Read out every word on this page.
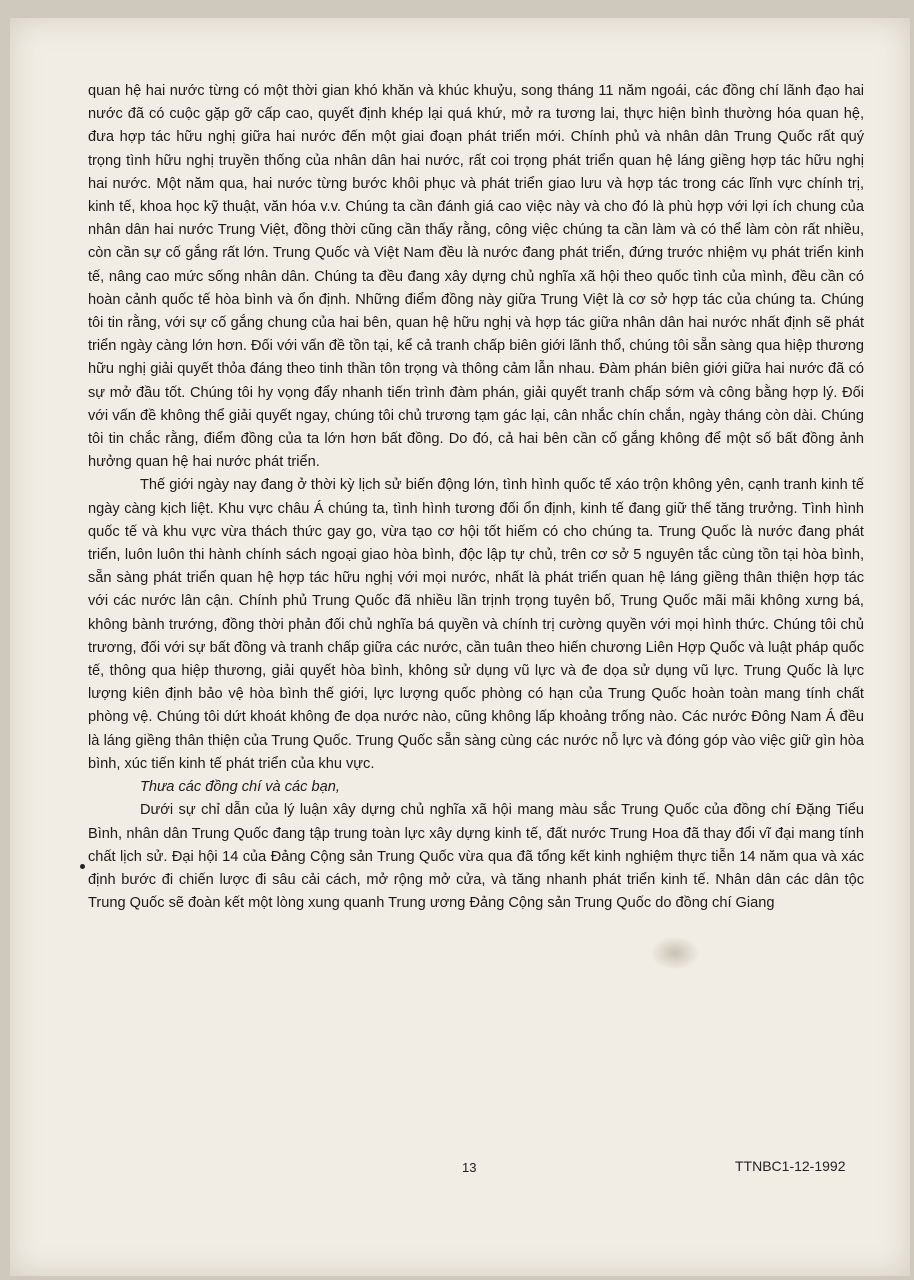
quan hệ hai nước từng có một thời gian khó khăn và khúc khuỷu, song tháng 11 năm ngoái, các đồng chí lãnh đạo hai nước đã có cuộc gặp gỡ cấp cao, quyết định khép lại quá khứ, mở ra tương lai, thực hiện bình thường hóa quan hệ, đưa hợp tác hữu nghị giữa hai nước đến một giai đoạn phát triển mới. Chính phủ và nhân dân Trung Quốc rất quý trọng tình hữu nghị truyền thống của nhân dân hai nước, rất coi trọng phát triển quan hệ láng giềng hợp tác hữu nghị hai nước. Một năm qua, hai nước từng bước khôi phục và phát triển giao lưu và hợp tác trong các lĩnh vực chính trị, kinh tế, khoa học kỹ thuật, văn hóa v.v. Chúng ta cần đánh giá cao việc này và cho đó là phù hợp với lợi ích chung của nhân dân hai nước Trung Việt, đồng thời cũng cần thấy rằng, công việc chúng ta cần làm và có thể làm còn rất nhiều, còn cần sự cố gắng rất lớn. Trung Quốc và Việt Nam đều là nước đang phát triển, đứng trước nhiệm vụ phát triển kinh tế, nâng cao mức sống nhân dân. Chúng ta đều đang xây dựng chủ nghĩa xã hội theo quốc tình của mình, đều cần có hoàn cảnh quốc tế hòa bình và ổn định. Những điểm đồng này giữa Trung Việt là cơ sở hợp tác của chúng ta. Chúng tôi tin rằng, với sự cố gắng chung của hai bên, quan hệ hữu nghị và hợp tác giữa nhân dân hai nước nhất định sẽ phát triển ngày càng lớn hơn. Đối với vấn đề tồn tại, kể cả tranh chấp biên giới lãnh thổ, chúng tôi sẵn sàng qua hiệp thương hữu nghị giải quyết thỏa đáng theo tinh thần tôn trọng và thông cảm lẫn nhau. Đàm phán biên giới giữa hai nước đã có sự mở đầu tốt. Chúng tôi hy vọng đẩy nhanh tiến trình đàm phán, giải quyết tranh chấp sớm và công bằng hợp lý. Đối với vấn đề không thể giải quyết ngay, chúng tôi chủ trương tạm gác lại, cân nhắc chín chắn, ngày tháng còn dài. Chúng tôi tin chắc rằng, điểm đồng của ta lớn hơn bất đồng. Do đó, cả hai bên cần cố gắng không để một số bất đồng ảnh hưởng quan hệ hai nước phát triển.

Thế giới ngày nay đang ở thời kỳ lịch sử biến động lớn, tình hình quốc tế xáo trộn không yên, cạnh tranh kinh tế ngày càng kịch liệt. Khu vực châu Á chúng ta, tình hình tương đối ổn định, kinh tế đang giữ thế tăng trưởng. Tình hình quốc tế và khu vực vừa thách thức gay go, vừa tạo cơ hội tốt hiếm có cho chúng ta. Trung Quốc là nước đang phát triển, luôn luôn thi hành chính sách ngoại giao hòa bình, độc lập tự chủ, trên cơ sở 5 nguyên tắc cùng tồn tại hòa bình, sẵn sàng phát triển quan hệ hợp tác hữu nghị với mọi nước, nhất là phát triển quan hệ láng giềng thân thiện hợp tác với các nước lân cận. Chính phủ Trung Quốc đã nhiều lần trịnh trọng tuyên bố, Trung Quốc mãi mãi không xưng bá, không bành trướng, đồng thời phản đối chủ nghĩa bá quyền và chính trị cường quyền với mọi hình thức. Chúng tôi chủ trương, đối với sự bất đồng và tranh chấp giữa các nước, cần tuân theo hiến chương Liên Hợp Quốc và luật pháp quốc tế, thông qua hiệp thương, giải quyết hòa bình, không sử dụng vũ lực và đe dọa sử dụng vũ lực. Trung Quốc là lực lượng kiên định bảo vệ hòa bình thế giới, lực lượng quốc phòng có hạn của Trung Quốc hoàn toàn mang tính chất phòng vệ. Chúng tôi dứt khoát không đe dọa nước nào, cũng không lấp khoảng trống nào. Các nước Đông Nam Á đều là láng giềng thân thiện của Trung Quốc. Trung Quốc sẵn sàng cùng các nước nỗ lực và đóng góp vào việc giữ gìn hòa bình, xúc tiến kinh tế phát triển của khu vực.

Thưa các đồng chí và các bạn,

Dưới sự chỉ dẫn của lý luận xây dựng chủ nghĩa xã hội mang màu sắc Trung Quốc của đồng chí Đặng Tiểu Bình, nhân dân Trung Quốc đang tập trung toàn lực xây dựng kinh tế, đất nước Trung Hoa đã thay đổi vĩ đại mang tính chất lịch sử. Đại hội 14 của Đảng Cộng sản Trung Quốc vừa qua đã tổng kết kinh nghiệm thực tiễn 14 năm qua và xác định bước đi chiến lược đi sâu cải cách, mở rộng mở cửa, và tăng nhanh phát triển kinh tế. Nhân dân các dân tộc Trung Quốc sẽ đoàn kết một lòng xung quanh Trung ương Đảng Cộng sản Trung Quốc do đồng chí Giang

13	TTNBC1-12-1992
